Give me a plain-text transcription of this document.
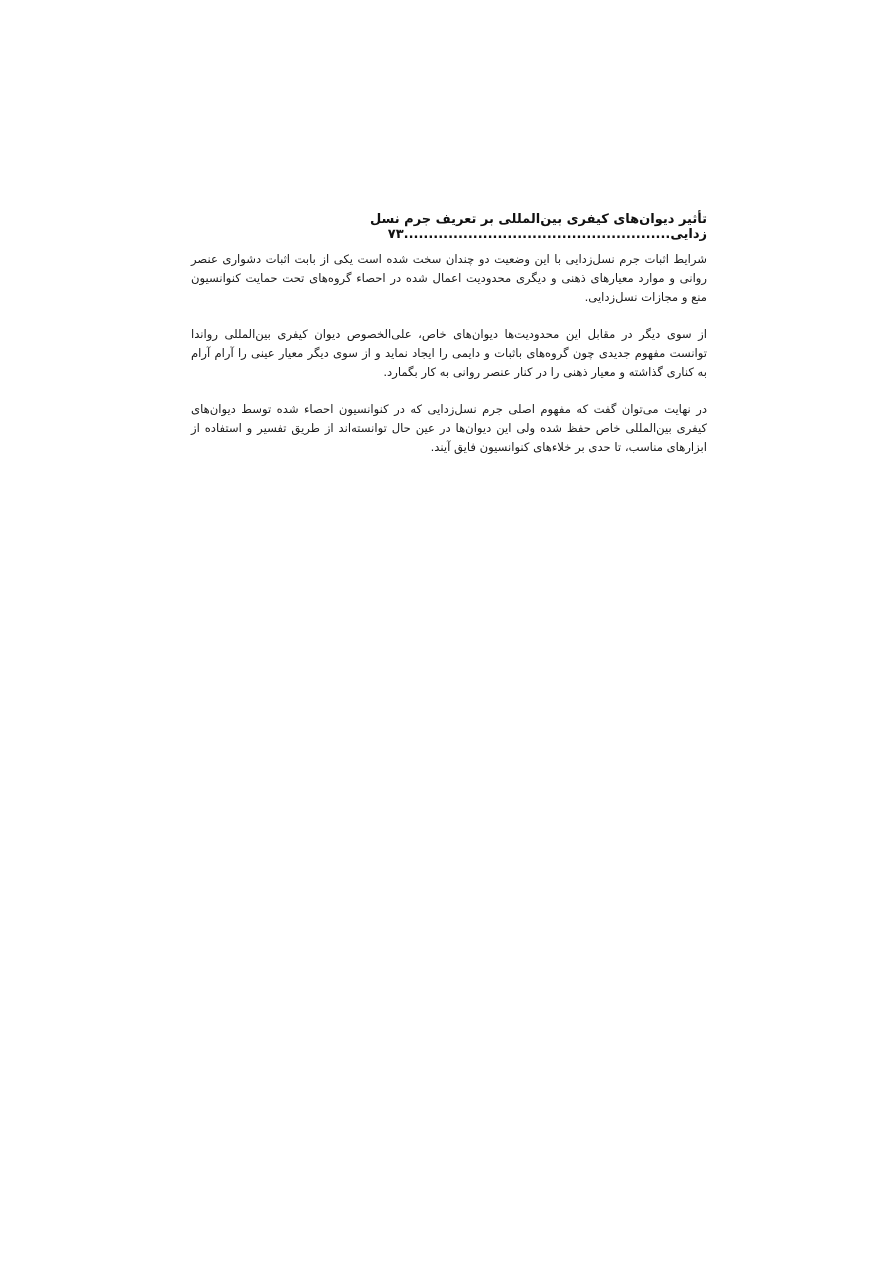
تأثیر دیوان‌های کیفری بین‌المللی بر تعریف جرم نسل
زدایی......................................................۷۳

شرایط اثبات جرم نسل‌زدایی با این وضعیت دو چندان سخت شده است یکی از بابت اثبات دشواری عنصر روانی و موارد معیارهای ذهنی و دیگری محدودیت اعمال شده در احصاء گروه‌های تحت حمایت کنوانسیون منع و مجازات نسل‌زدایی.

از سوی دیگر در مقابل این محدودیت‌ها دیوان‌های خاص، علی‌الخصوص دیوان کیفری بین‌المللی رواندا توانست مفهوم جدیدی چون گروه‌های باثبات و دایمی را ایجاد نماید و از سوی دیگر معیار عینی را آرام آرام به کناری گذاشته و معیار ذهنی را در کنار عنصر روانی به کار بگمارد.

در نهایت می‌توان گفت که مفهوم اصلی جرم نسل‌زدایی که در کنوانسیون احصاء شده توسط دیوان‌های کیفری بین‌المللی خاص حفظ شده ولی این دیوان‌ها در عین حال توانسته‌اند از طریق تفسیر و استفاده از ابزارهای مناسب، تا حدی بر خلاءهای کنوانسیون فایق آیند.
